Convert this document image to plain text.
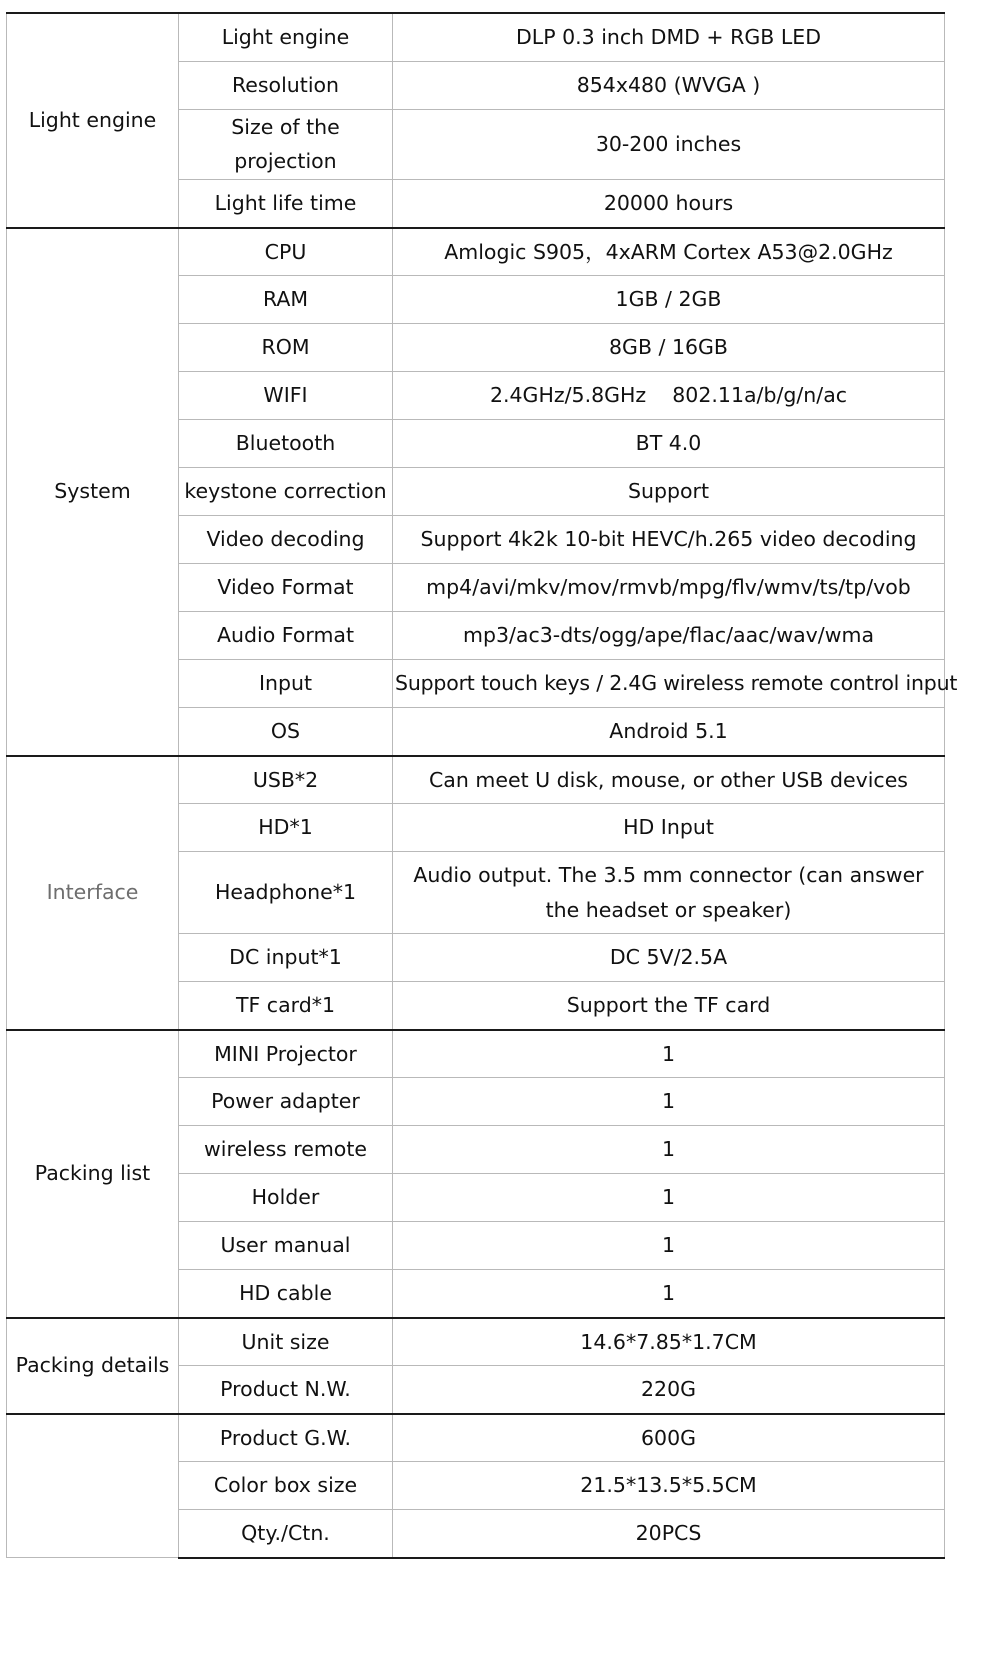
Light engine	Light engine	DLP 0.3 inch DMD + RGB LED
	Resolution	854x480 (WVGA )
	Size of the projection	30-200 inches
	Light life time	20000 hours
System	CPU	Amlogic S905，4xARM Cortex A53@2.0GHz
	RAM	1GB / 2GB
	ROM	8GB / 16GB
	WIFI	2.4GHz/5.8GHz    802.11a/b/g/n/ac
	Bluetooth	BT 4.0
	keystone correction	Support
	Video decoding	Support 4k2k 10-bit HEVC/h.265 video decoding
	Video Format	mp4/avi/mkv/mov/rmvb/mpg/flv/wmv/ts/tp/vob
	Audio Format	mp3/ac3-dts/ogg/ape/flac/aac/wav/wma
	Input	Support touch keys / 2.4G wireless remote control input
	OS	Android 5.1
Interface	USB*2	Can meet U disk, mouse, or other USB devices
	HD*1	HD Input
	Headphone*1	Audio output. The 3.5 mm connector (can answer the headset or speaker)
	DC input*1	DC 5V/2.5A
	TF card*1	Support the TF card
Packing list	MINI Projector	1
	Power adapter	1
	wireless remote	1
	Holder	1
	User manual	1
	HD cable	1
Packing details	Unit size	14.6*7.85*1.7CM
	Product N.W.	220G
	Product G.W.	600G
	Color box size	21.5*13.5*5.5CM
	Qty./Ctn.	20PCS
